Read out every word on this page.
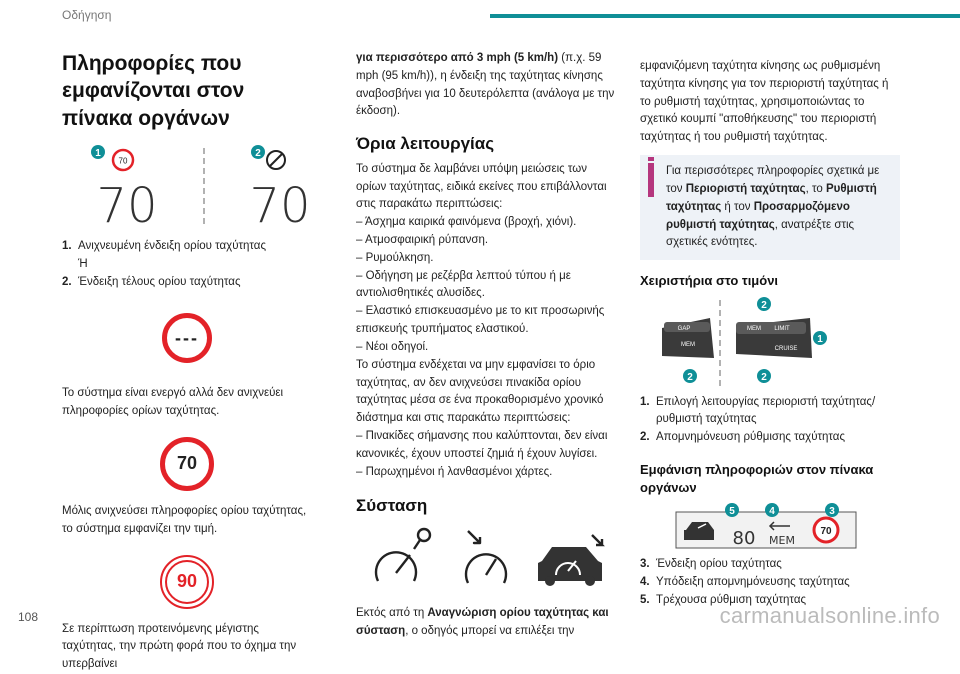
Οδήγηση
Πληροφορίες που εμφανίζονται στον πίνακα οργάνων
1
70
70
2
70
1. Ανιχνευμένη ένδειξη ορίου ταχύτητας
Ή
2. Ένδειξη τέλους ορίου ταχύτητας
---
Το σύστημα είναι ενεργό αλλά δεν ανιχνεύει πληροφορίες ορίων ταχύτητας.
70
Μόλις ανιχνεύσει πληροφορίες ορίου ταχύτητας, το σύστημα εμφανίζει την τιμή.
90
Σε περίπτωση προτεινόμενης μέγιστης ταχύτητας, την πρώτη φορά που το όχημα την υπερβαίνει
για περισσότερο από 3 mph (5 km/h) (π.χ. 59 mph (95 km/h)), η ένδειξη της ταχύτητας κίνησης αναβοσβήνει για 10 δευτερόλεπτα (ανάλογα με την έκδοση).
Όρια λειτουργίας
Το σύστημα δε λαμβάνει υπόψη μειώσεις των ορίων ταχύτητας, ειδικά εκείνες που επιβάλλονται στις παρακάτω περιπτώσεις:
– Άσχημα καιρικά φαινόμενα (βροχή, χιόνι).
– Ατμοσφαιρική ρύπανση.
– Ρυμούλκηση.
– Οδήγηση με ρεζέρβα λεπτού τύπου ή με αντιολισθητικές αλυσίδες.
– Ελαστικό επισκευασμένο με το κιτ προσωρινής επισκευής τρυπήματος ελαστικού.
– Νέοι οδηγοί.
Το σύστημα ενδέχεται να μην εμφανίσει το όριο ταχύτητας, αν δεν ανιχνεύσει πινακίδα ορίου ταχύτητας μέσα σε ένα προκαθορισμένο χρονικό διάστημα και στις παρακάτω περιπτώσεις:
– Πινακίδες σήμανσης που καλύπτονται, δεν είναι κανονικές, έχουν υποστεί ζημιά ή έχουν λυγίσει.
– Παρωχημένοι ή λανθασμένοι χάρτες.
Σύσταση
Εκτός από τη Αναγνώριση ορίου ταχύτητας και σύσταση, ο οδηγός μπορεί να επιλέξει την
εμφανιζόμενη ταχύτητα κίνησης ως ρυθμισμένη ταχύτητα κίνησης για τον περιοριστή ταχύτητας ή το ρυθμιστή ταχύτητας, χρησιμοποιώντας το σχετικό κουμπί "αποθήκευσης" του περιοριστή ταχύτητας ή του ρυθμιστή ταχύτητας.
Για περισσότερες πληροφορίες σχετικά με τον Περιοριστή ταχύτητας, το Ρυθμιστή ταχύτητας ή τον Προσαρμοζόμενο ρυθμιστή ταχύτητας, ανατρέξτε στις σχετικές ενότητες.
Χειριστήρια στο τιμόνι
GAP
MEM
MEM LIMIT
CRUISE
2
1
2	2
1. Επιλογή λειτουργίας περιοριστή ταχύτητας/ ρυθμιστή ταχύτητας
2. Απομνημόνευση ρύθμισης ταχύτητας
Εμφάνιση πληροφοριών στον πίνακα οργάνων
80 MEM
70
5	4	3
3. Ένδειξη ορίου ταχύτητας
4. Υπόδειξη απομνημόνευσης ταχύτητας
5. Τρέχουσα ρύθμιση ταχύτητας
108	carmanualsonline.info
